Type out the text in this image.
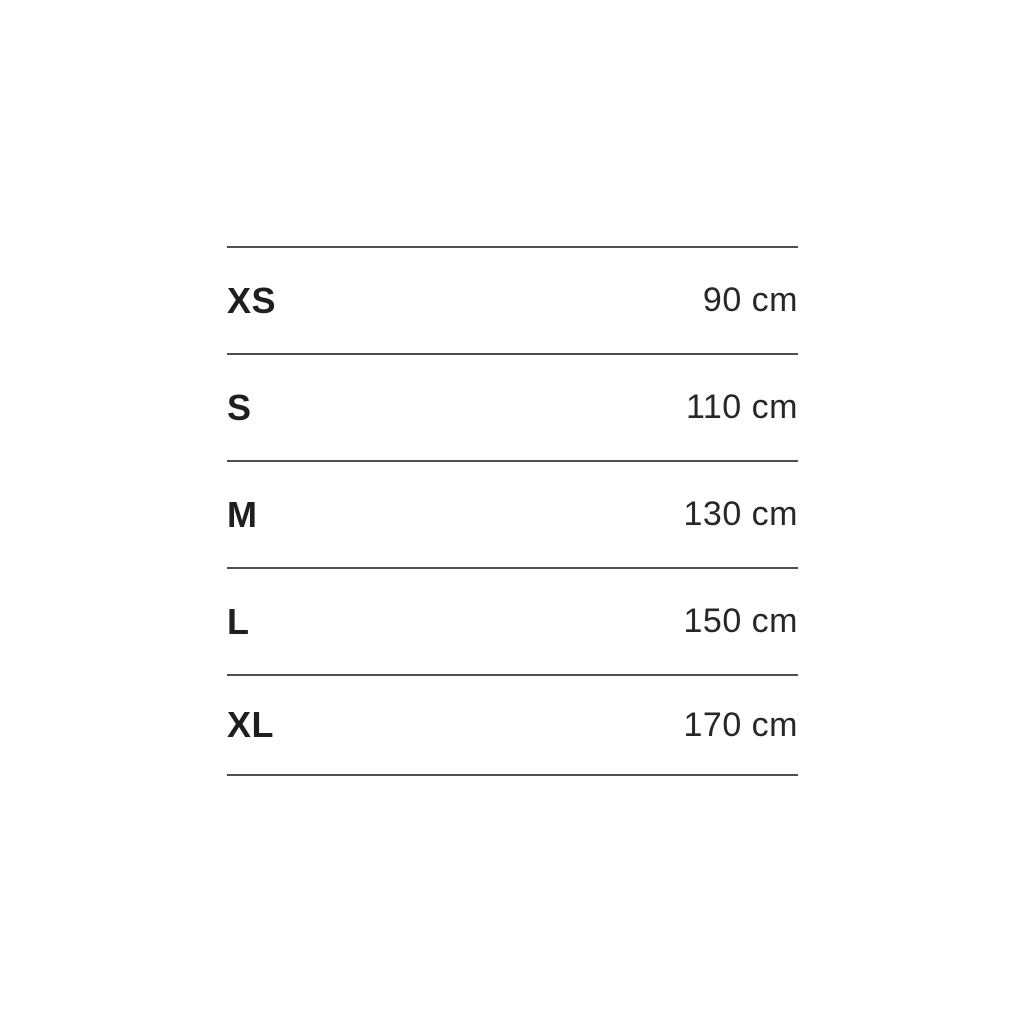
XS	90 cm
S	110 cm
M	130 cm
L	150 cm
XL	170 cm
